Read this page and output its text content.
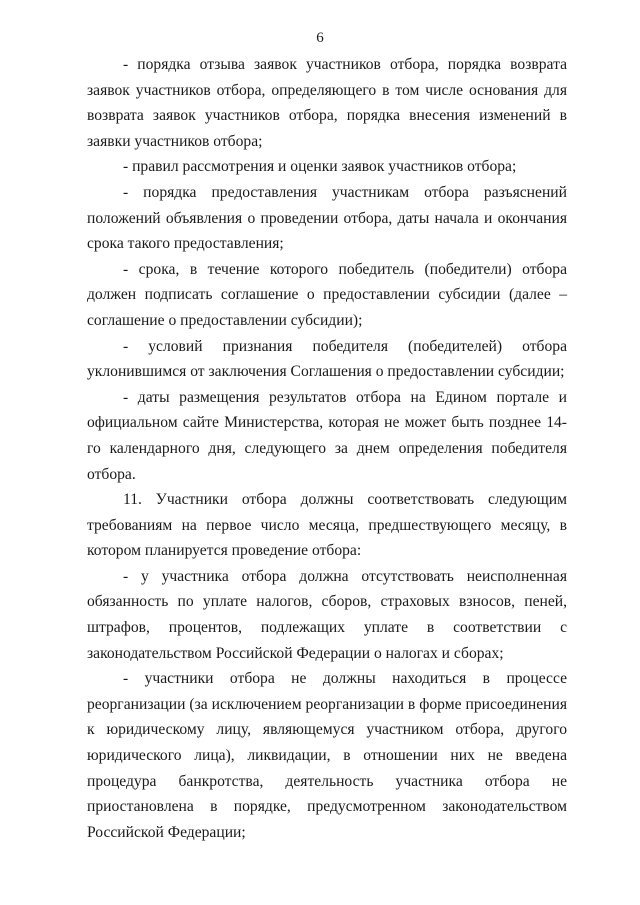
6

- порядка отзыва заявок участников отбора, порядка возврата заявок участников отбора, определяющего в том числе основания для возврата заявок участников отбора, порядка внесения изменений в заявки участников отбора;

- правил рассмотрения и оценки заявок участников отбора;

- порядка предоставления участникам отбора разъяснений положений объявления о проведении отбора, даты начала и окончания срока такого предоставления;

- срока, в течение которого победитель (победители) отбора должен подписать соглашение о предоставлении субсидии (далее – соглашение о предоставлении субсидии);

- условий признания победителя (победителей) отбора уклонившимся от заключения Соглашения о предоставлении субсидии;

- даты размещения результатов отбора на Едином портале и официальном сайте Министерства, которая не может быть позднее 14-го календарного дня, следующего за днем определения победителя отбора.

11. Участники отбора должны соответствовать следующим требованиям на первое число месяца, предшествующего месяцу, в котором планируется проведение отбора:

- у участника отбора должна отсутствовать неисполненная обязанность по уплате налогов, сборов, страховых взносов, пеней, штрафов, процентов, подлежащих уплате в соответствии с законодательством Российской Федерации о налогах и сборах;

- участники отбора не должны находиться в процессе реорганизации (за исключением реорганизации в форме присоединения к юридическому лицу, являющемуся участником отбора, другого юридического лица), ликвидации, в отношении них не введена процедура банкротства, деятельность участника отбора не приостановлена в порядке, предусмотренном законодательством Российской Федерации;
